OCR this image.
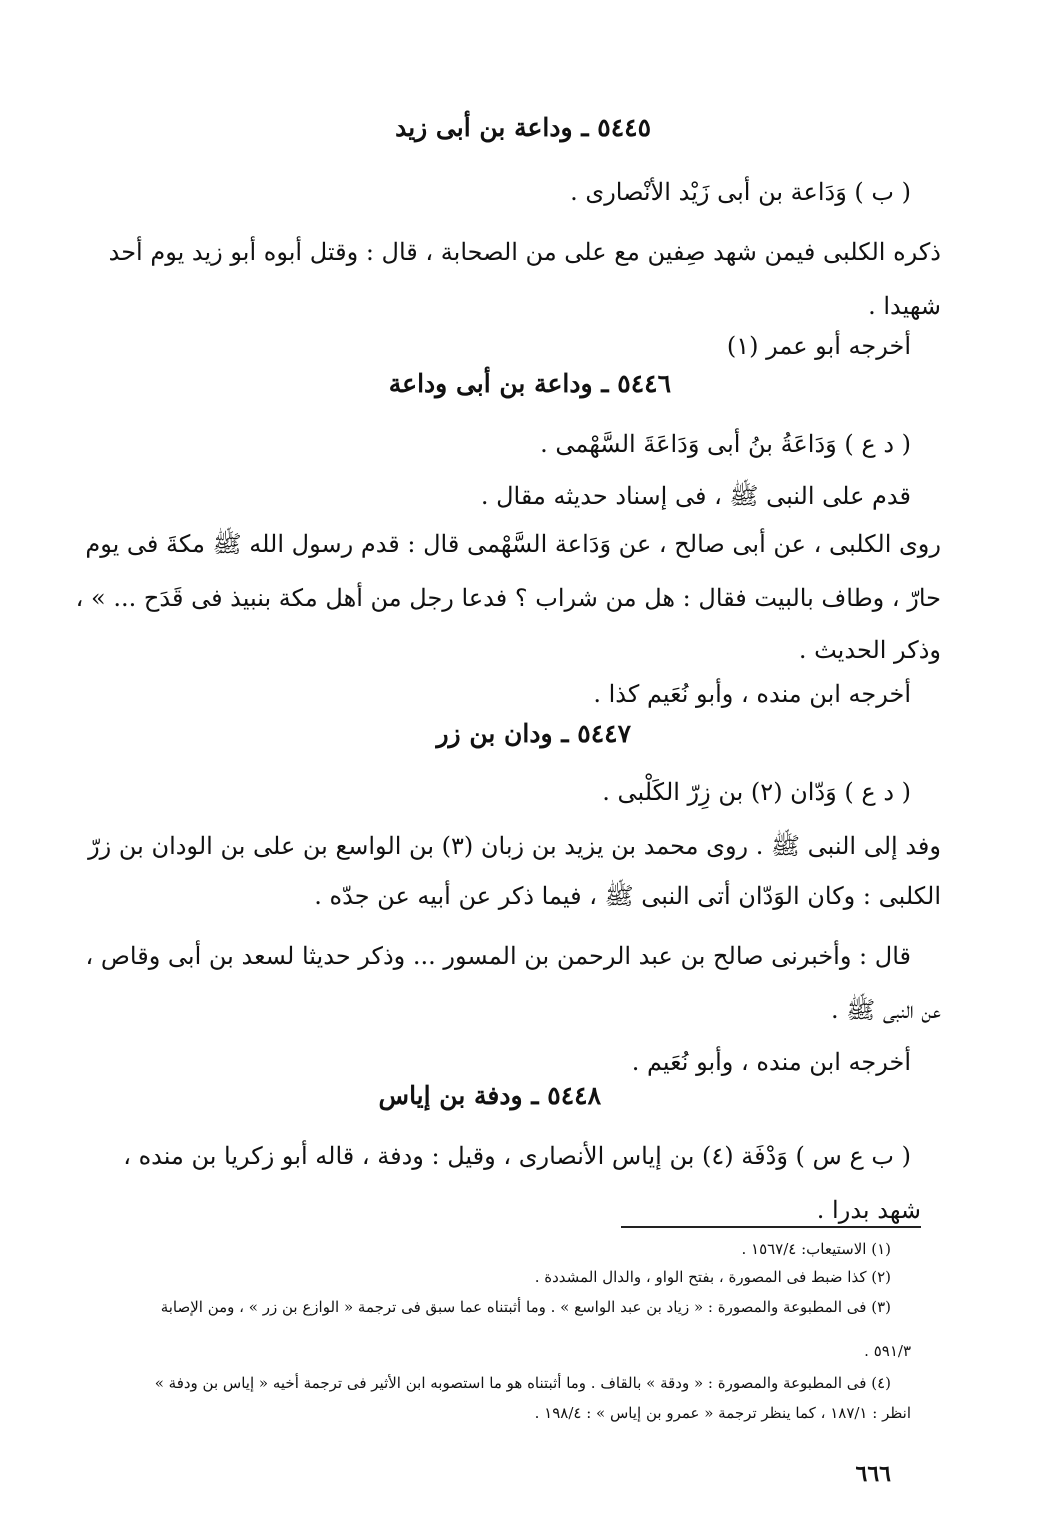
٥٤٤٥ ـ وداعة بن أبى زيد
( ب ) وَدَاعة بن أبى زَيْد الأنْصارى .
ذكره الكلبى فيمن شهد صِفين مع على من الصحابة ، قال : وقتل أبوه أبو زيد يوم أحد
شهيدا .
أخرجه أبو عمر (١)
٥٤٤٦ ـ وداعة بن أبى وداعة
( د ع ) وَدَاعَةُ بنُ أبى وَدَاعَةَ السَّهْمى .
قدم على النبى ﷺ ، فى إسناد حديثه مقال .
روى الكلبى ، عن أبى صالح ، عن وَدَاعة السَّهْمى قال : قدم رسول الله ﷺ مكةَ فى يوم
حارّ ، وطاف بالبيت فقال : هل من شراب ؟ فدعا رجل من أهل مكة بنبيذ فى قَدَح ... » ،
وذكر الحديث .
أخرجه ابن منده ، وأبو نُعَيم كذا .
٥٤٤٧ ـ ودان بن زر
( د ع ) وَدّان (٢) بن زِرّ الكَلْبى .
وفد إلى النبى ﷺ . روى محمد بن يزيد بن زبان (٣) بن الواسع بن على بن الودان بن زرّ
الكلبى : وكان الوَدّان أتى النبى ﷺ ، فيما ذكر عن أبيه عن جدّه .
قال : وأخبرنى صالح بن عبد الرحمن بن المسور ... وذكر حديثا لسعد بن أبى وقاص ،
عن النبى ﷺ .
أخرجه ابن منده ، وأبو نُعَيم .
٥٤٤٨ ـ ودفة بن إياس
( ب ع س ) وَدْفَة (٤) بن إياس الأنصارى ، وقيل : ودفة ، قاله أبو زكريا بن منده ،
شهد بدرا .
(١) الاستيعاب: ١٥٦٧/٤ .
(٢) كذا ضبط فى المصورة ، بفتح الواو ، والدال المشددة .
(٣) فى المطبوعة والمصورة : « زياد بن عبد الواسع » . وما أثبتناه عما سبق فى ترجمة « الوازع بن زر » ، ومن الإصابة
٥٩١/٣ .
(٤) فى المطبوعة والمصورة : « ودقة » بالقاف . وما أثبتناه هو ما استصوبه ابن الأثير فى ترجمة أخيه « إياس بن ودفة »
انظر : ١٨٧/١ ، كما ينظر ترجمة « عمرو بن إياس » : ١٩٨/٤ .
٦٦٦
